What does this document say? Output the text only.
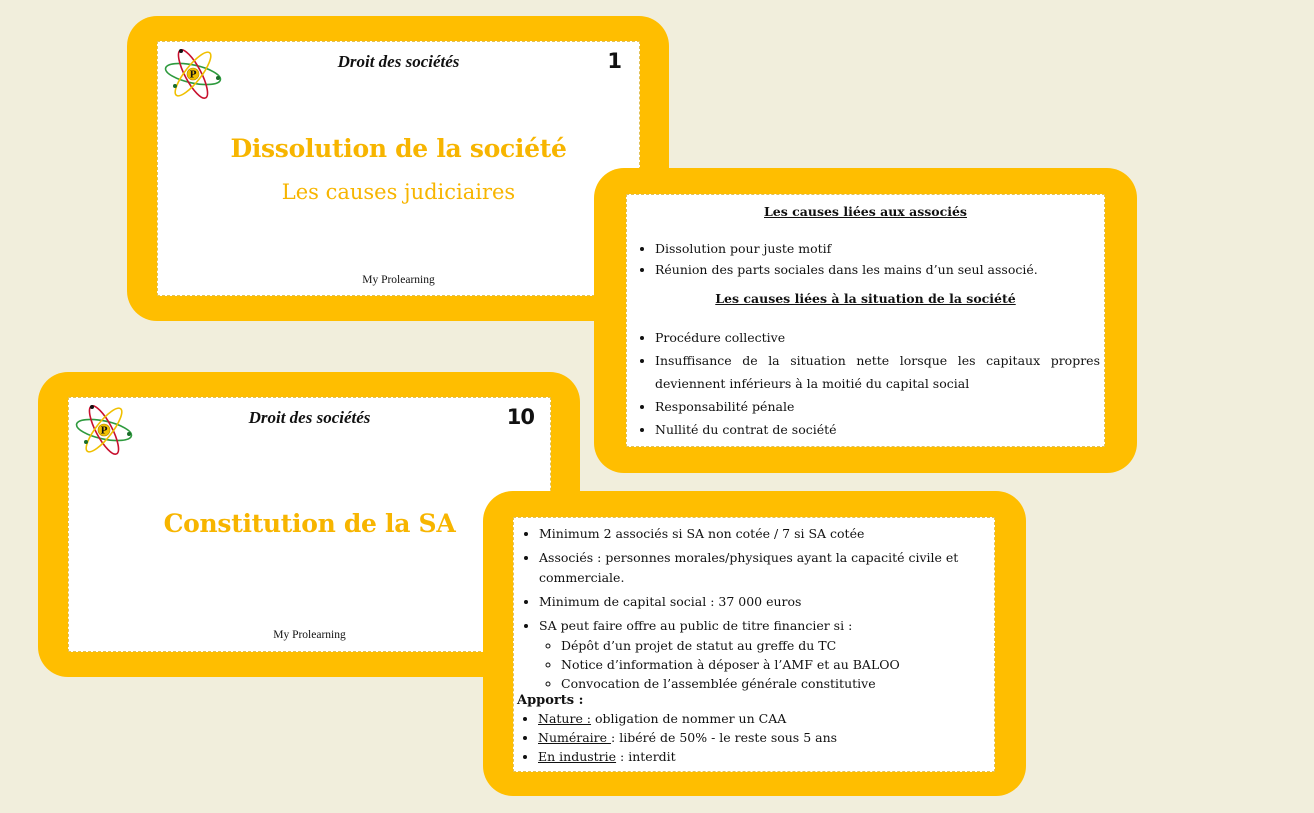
P
Droit des sociétés	1
Dissolution de la société
Les causes judiciaires
My Prolearning
P
Droit des sociétés	10
Constitution de la SA
My Prolearning
Les causes liées aux associés
• Dissolution pour juste motif
• Réunion des parts sociales dans les mains d’un seul associé.
Les causes liées à la situation de la société
• Procédure collective
• Insuffisance de la situation nette lorsque les capitaux propres deviennent inférieurs à la moitié du capital social
• Responsabilité pénale
• Nullité du contrat de société
• Minimum 2 associés si SA non cotée / 7 si SA cotée
• Associés : personnes morales/physiques ayant la capacité civile et commerciale.
• Minimum de capital social : 37 000 euros
• SA peut faire offre au public de titre financier si :
◦ Dépôt d’un projet de statut au greffe du TC
◦ Notice d’information à déposer à l’AMF et au BALOO
◦ Convocation de l’assemblée générale constitutive
Apports :
• Nature : obligation de nommer un CAA
• Numéraire : libéré de 50% - le reste sous 5 ans
• En industrie : interdit
